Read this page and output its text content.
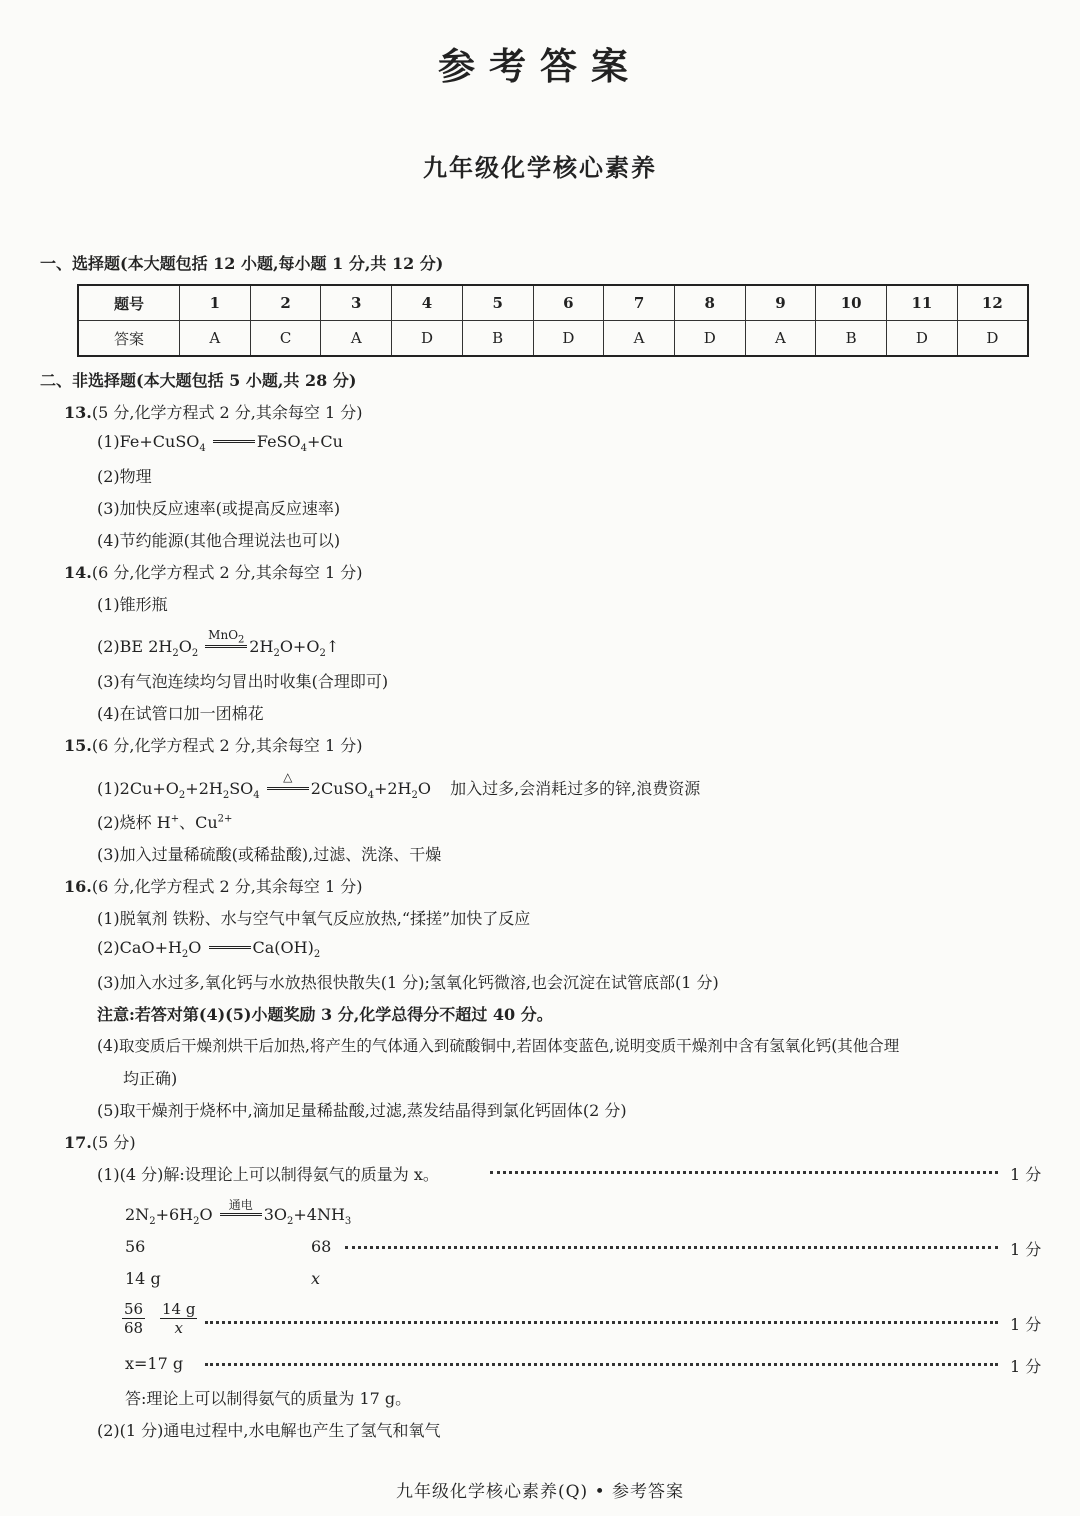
参考答案
九年级化学核心素养
一、选择题(本大题包括 12 小题,每小题 1 分,共 12 分)
题号	1	2	3	4	5	6	7	8	9	10	11	12
答案	A	C	A	D	B	D	A	D	A	B	D	D
二、非选择题(本大题包括 5 小题,共 28 分)
13.(5 分,化学方程式 2 分,其余每空 1 分)
(1)Fe+CuSO$_4$	FeSO$_4$+Cu
(2)物理
(3)加快反应速率(或提高反应速率)
(4)节约能源(其他合理说法也可以)
14.(6 分,化学方程式 2 分,其余每空 1 分)
(1)锥形瓶
(2)BE $2H_2O_2$
MnO$_2$ $2H_2O+O_2↑$
(3)有气泡连续均匀冒出时收集(合理即可)
(4)在试管口加一团棉花
15.(6 分,化学方程式 2 分,其余每空 1 分)
$(1)2Cu+O_2+2H_2SO_4$
△
$2CuSO_4+2H_2O$ 加入过多,会消耗过多的锌,浪费资源
(2)烧杯 H+、$Cu^{2+}$
(3)加入过量稀硫酸(或稀盐酸),过滤、洗涤、干燥
16.(6 分,化学方程式 2 分,其余每空 1 分)
(1)脱氧剂 铁粉、水与空气中氧气反应放热,“揉搓”加快了反应
$(2)CaO+H_2O$	$Ca(OH)_2$
(3)加入水过多,氧化钙与水放热很快散失(1 分);氢氧化钙微溶,也会沉淀在试管底部(1 分)
注意:若答对第(4)(5)小题奖励 3 分,化学总得分不超过 40 分。
(4)取变质后干燥剂烘干后加热,将产生的气体通入到硫酸铜中,若固体变蓝色,说明变质干燥剂中含有氢氧化钙(其他合理
均正确)
(5)取干燥剂于烧杯中,滴加足量稀盐酸,过滤,蒸发结晶得到氯化钙固体(2 分)
17.(5 分)
(1)(4 分)解:设理论上可以制得氨气的质量为 x。	1 分
$2N_2+6H_2O$	通电 $3O_2+4NH_3$
56	68	1 分
14 g	x
$\frac{56}{68} \frac{14 g}{x}$	1 分
x=17 g	1 分
答:理论上可以制得氨气的质量为 17 g。
(2)(1 分)通电过程中,水电解也产生了氢气和氧气
九年级化学核心素养(Q) • 参考答案
